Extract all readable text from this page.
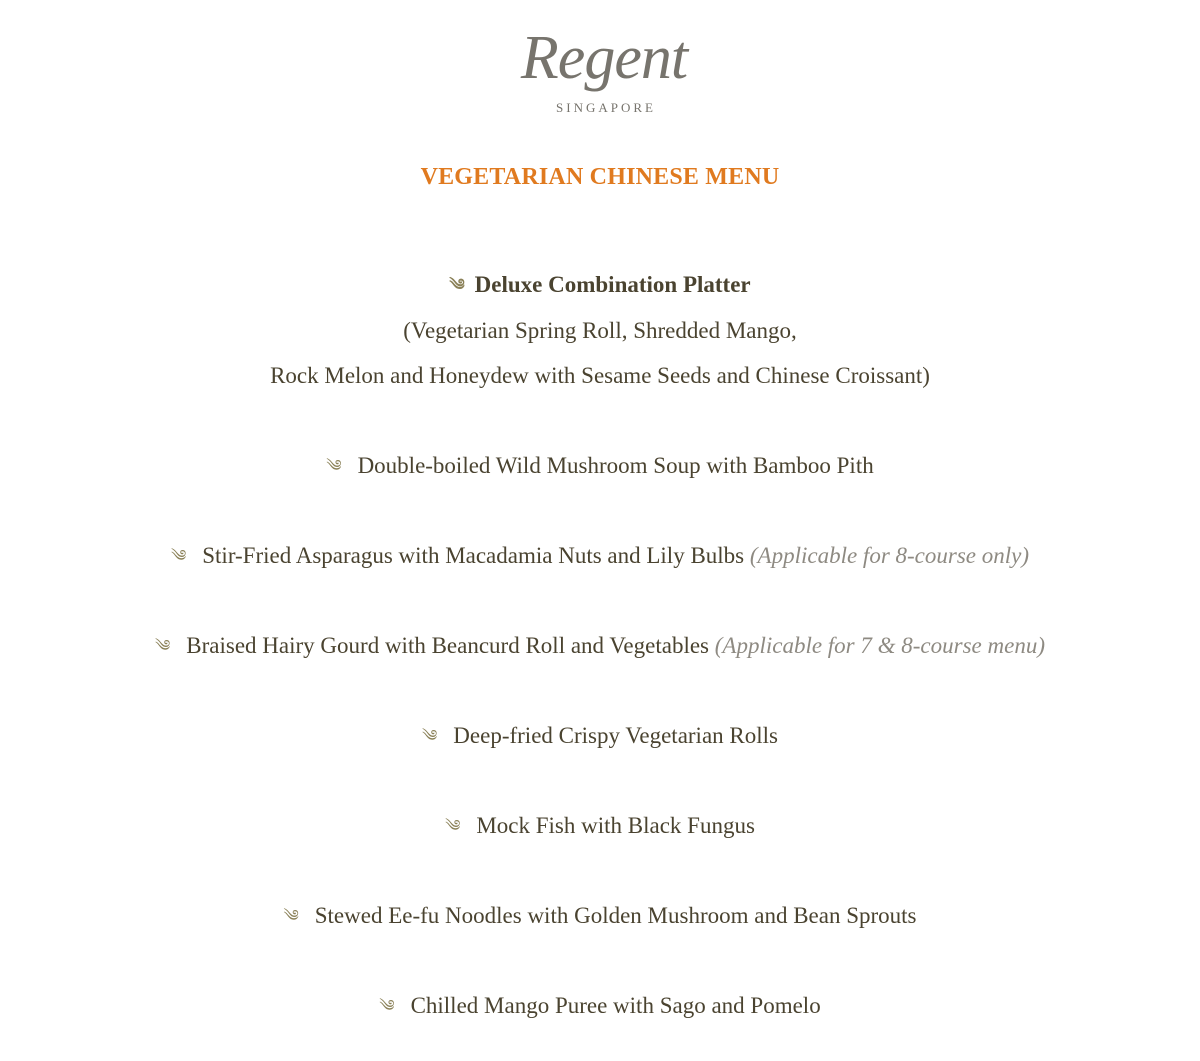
Regent
SINGAPORE
VEGETARIAN CHINESE MENU
༄ Deluxe Combination Platter
(Vegetarian Spring Roll, Shredded Mango,
Rock Melon and Honeydew with Sesame Seeds and Chinese Croissant)
༄ Double-boiled Wild Mushroom Soup with Bamboo Pith
༄ Stir-Fried Asparagus with Macadamia Nuts and Lily Bulbs (Applicable for 8-course only)
༄ Braised Hairy Gourd with Beancurd Roll and Vegetables (Applicable for 7 & 8-course menu)
༄ Deep-fried Crispy Vegetarian Rolls
༄ Mock Fish with Black Fungus
༄ Stewed Ee-fu Noodles with Golden Mushroom and Bean Sprouts
༄ Chilled Mango Puree with Sago and Pomelo
